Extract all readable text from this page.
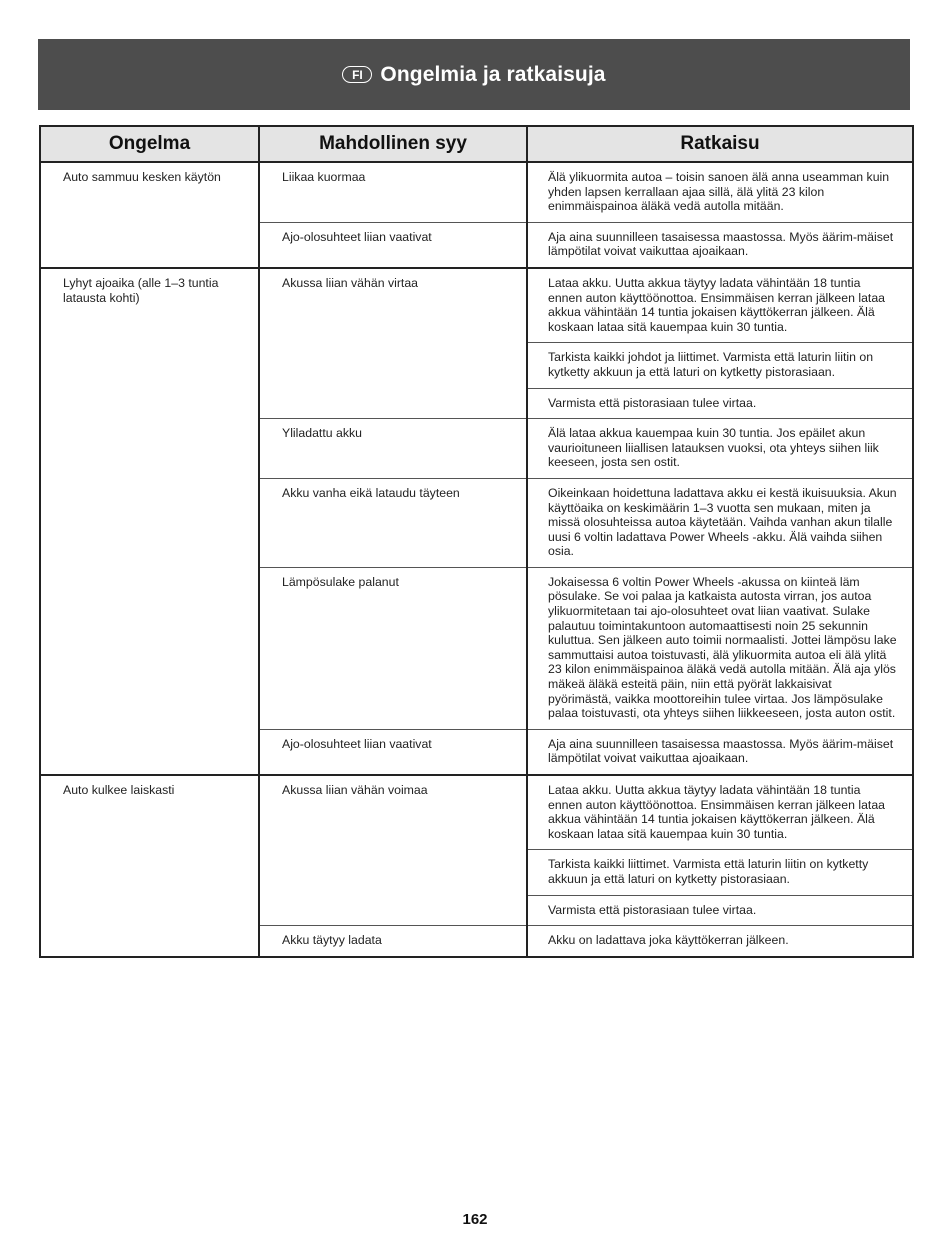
FI Ongelmia ja ratkaisuja
Ongelma	Mahdollinen syy	Ratkaisu
Auto sammuu kesken käytön	Liikaa kuormaa	Älä ylikuormita autoa – toisin sanoen älä anna useamman kuin yhden lapsen kerrallaan ajaa sillä, älä ylitä 23 kilon enimmäispainoa äläkä vedä autolla mitään.
	Ajo-olosuhteet liian vaativat	Aja aina suunnilleen tasaisessa maastossa. Myös äärim-mäiset lämpötilat voivat vaikuttaa ajoaikaan.
Lyhyt ajoaika (alle 1–3 tuntia latausta kohti)	Akussa liian vähän virtaa	Lataa akku. Uutta akkua täytyy ladata vähintään 18 tuntia ennen auton käyttöönottoa. Ensimmäisen kerran jälkeen lataa akkua vähintään 14 tuntia jokaisen käyttökerran jälkeen. Älä koskaan lataa sitä kauempaa kuin 30 tuntia.
		Tarkista kaikki johdot ja liittimet. Varmista että laturin liitin on kytketty akkuun ja että laturi on kytketty pistorasiaan.
		Varmista että pistorasiaan tulee virtaa.
	Yliladattu akku	Älä lataa akkua kauempaa kuin 30 tuntia. Jos epäilet akun vaurioituneen liiallisen latauksen vuoksi, ota yhteys siihen liik keeseen, josta sen ostit.
	Akku vanha eikä lataudu täyteen	Oikeinkaan hoidettuna ladattava akku ei kestä ikuisuuksia. Akun käyttöaika on keskimäärin 1–3 vuotta sen mukaan, miten ja missä olosuhteissa autoa käytetään. Vaihda vanhan akun tilalle uusi 6 voltin ladattava Power Wheels -akku. Älä vaihda siihen osia.
	Lämpösulake palanut	Jokaisessa 6 voltin Power Wheels -akussa on kiinteä läm pösulake. Se voi palaa ja katkaista autosta virran, jos autoa ylikuormitetaan tai ajo-olosuhteet ovat liian vaativat. Sulake palautuu toimintakuntoon automaattisesti noin 25 sekunnin kuluttua. Sen jälkeen auto toimii normaalisti. Jottei lämpösu lake sammuttaisi autoa toistuvasti, älä ylikuormita autoa eli älä ylitä 23 kilon enimmäispainoa äläkä vedä autolla mitään. Älä aja ylös mäkeä äläkä esteitä päin, niin että pyörät lakkaisivat pyörimästä, vaikka moottoreihin tulee virtaa. Jos lämpösulake palaa toistuvasti, ota yhteys siihen liikkeeseen, josta auton ostit.
	Ajo-olosuhteet liian vaativat	Aja aina suunnilleen tasaisessa maastossa. Myös äärim-mäiset lämpötilat voivat vaikuttaa ajoaikaan.
Auto kulkee laiskasti	Akussa liian vähän voimaa	Lataa akku. Uutta akkua täytyy ladata vähintään 18 tuntia ennen auton käyttöönottoa. Ensimmäisen kerran jälkeen lataa akkua vähintään 14 tuntia jokaisen käyttökerran jälkeen. Älä koskaan lataa sitä kauempaa kuin 30 tuntia.
		Tarkista kaikki liittimet. Varmista että laturin liitin on kytketty akkuun ja että laturi on kytketty pistorasiaan.
		Varmista että pistorasiaan tulee virtaa.
	Akku täytyy ladata	Akku on ladattava joka käyttökerran jälkeen.
162
